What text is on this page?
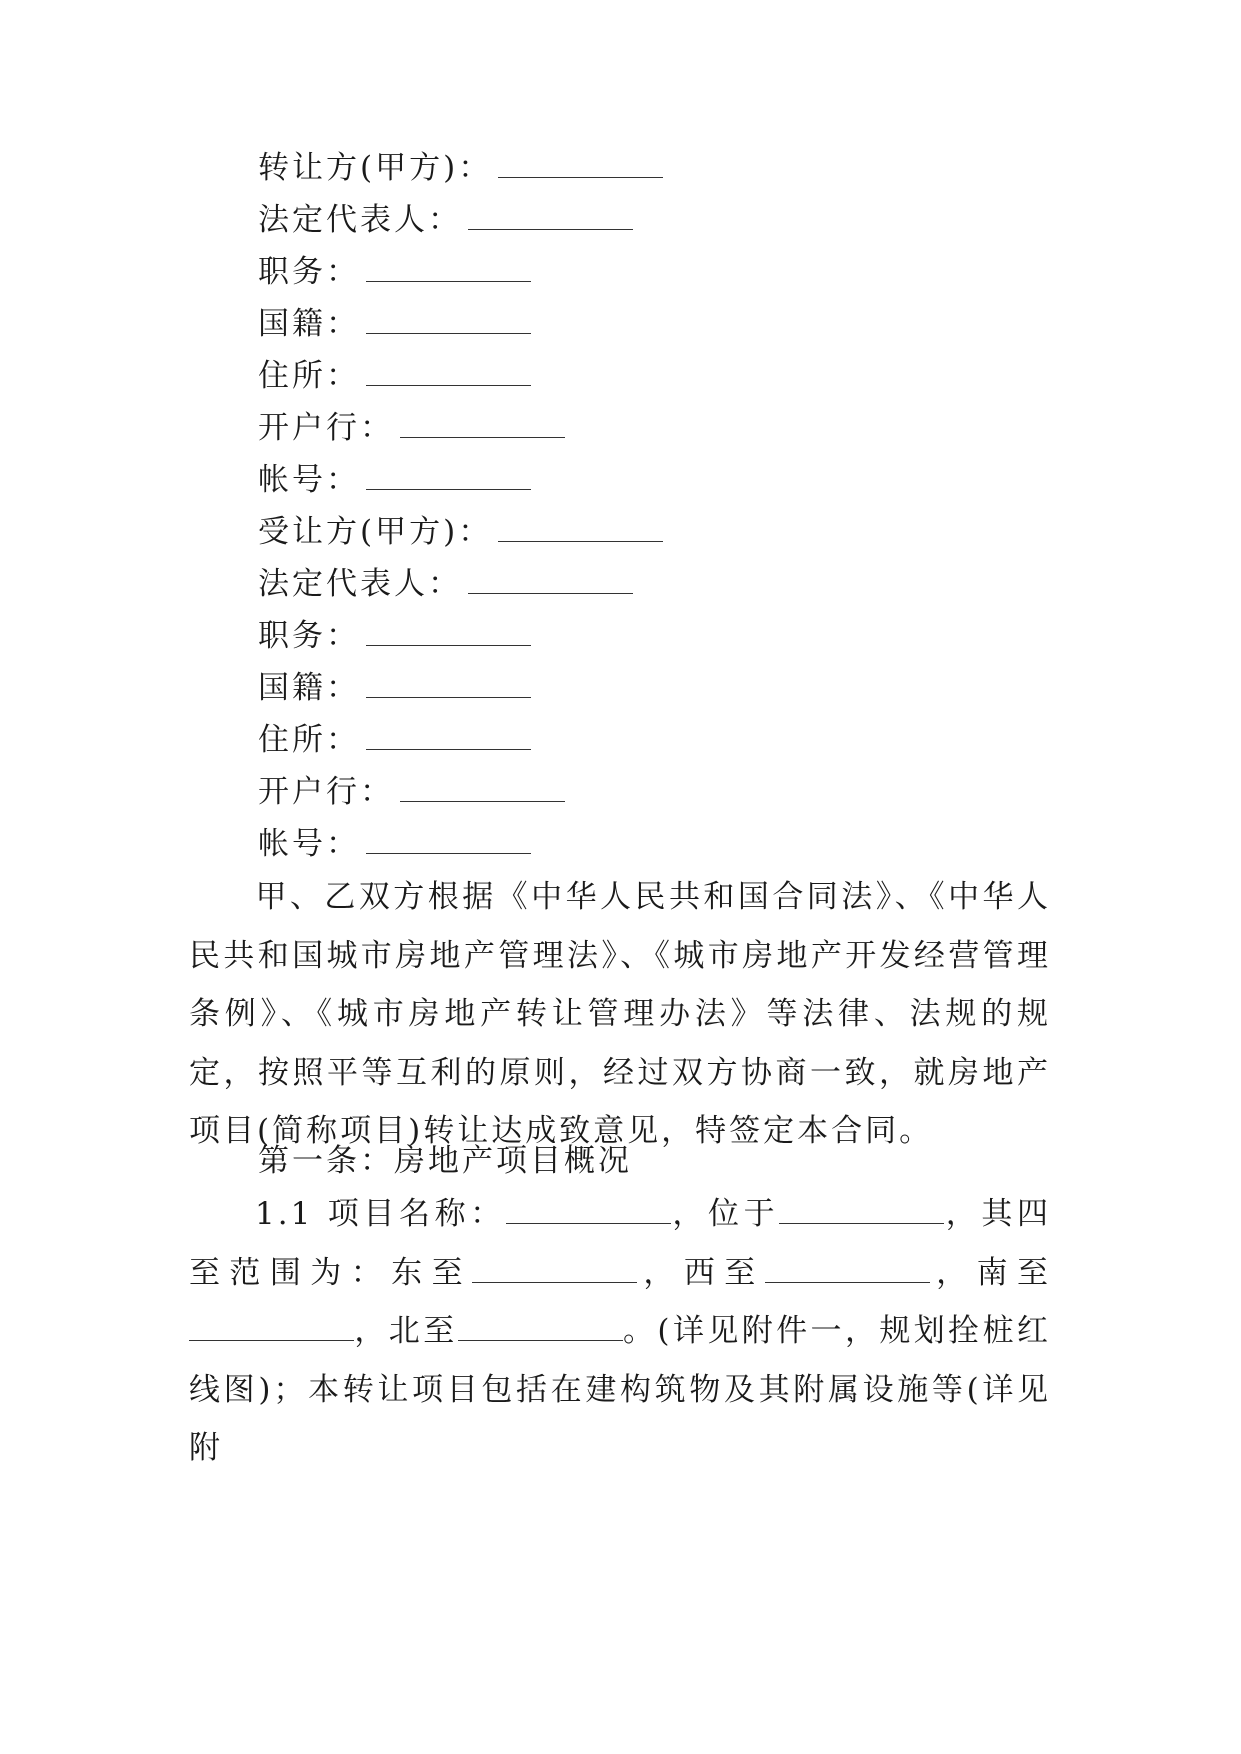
转让方(甲方)：
法定代表人：
职务：
国籍：
住所：
开户行：
帐号：
受让方(甲方)：
法定代表人：
职务：
国籍：
住所：
开户行：
帐号：
甲、乙双方根据《中华人民共和国合同法》、《中华人民共和国城市房地产管理法》、《城市房地产开发经营管理条例》、《城市房地产转让管理办法》等法律、法规的规定，按照平等互利的原则，经过双方协商一致，就房地产项目(简称项目)转让达成致意见，特签定本合同。
第一条：房地产项目概况
1.1 项目名称：	，位于	，其四至范围为：东至	，西至	，南至，北至	。(详见附件一，规划拴桩红线图)；本转让项目包括在建构筑物及其附属设施等(详见附
